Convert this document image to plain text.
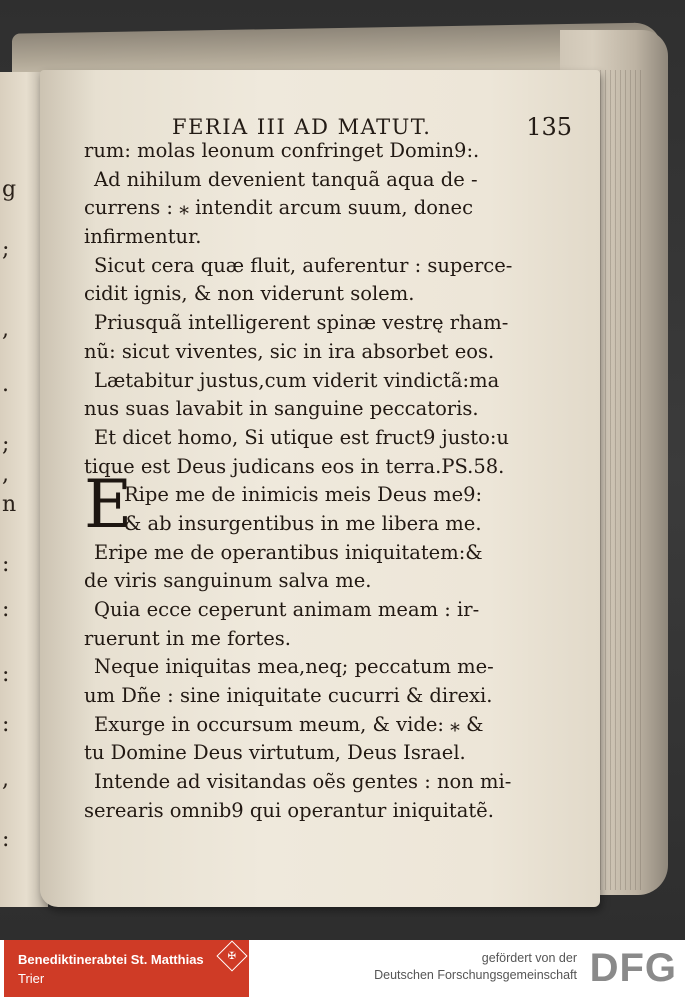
g
;
,
.
;
,
n
:
:
:
:
,
:
FERIA III AD MATUT.	135
E
rum: molas leonum confringet Domin9:.
Ad nihilum devenient tanquã aqua de -
currens : ⁎ intendit arcum suum, donec
infirmentur.
Sicut cera quæ fluit, auferentur : superce-
cidit ignis, & non viderunt solem.
Priusquã intelligerent spinæ vestrę rham-
nũ: sicut viventes, sic in ira absorbet eos.
Lætabitur justus,cum viderit vindictã:ma
nus suas lavabit in sanguine peccatoris.
Et dicet homo, Si utique est fruct9 justo:u
tique est Deus judicans eos in terra.PS.58.
Ripe me de inimicis meis Deus me9:
& ab insurgentibus in me libera me.
Eripe me de operantibus iniquitatem:&
de viris sanguinum salva me.
Quia ecce ceperunt animam meam : ir-
ruerunt in me fortes.
Neque iniquitas mea,neq; peccatum me-
um Dñe : sine iniquitate cucurri & direxi.
Exurge in occursum meum, & vide: ⁎ &
tu Domine Deus virtutum, Deus Israel.
Intende ad visitandas oẽs gentes : non mi-
serearis omnib9 qui operantur iniquitatẽ.
Benediktinerabtei St. Matthias
Trier
✠	gefördert von der
Deutschen Forschungsgemeinschaft DFG
